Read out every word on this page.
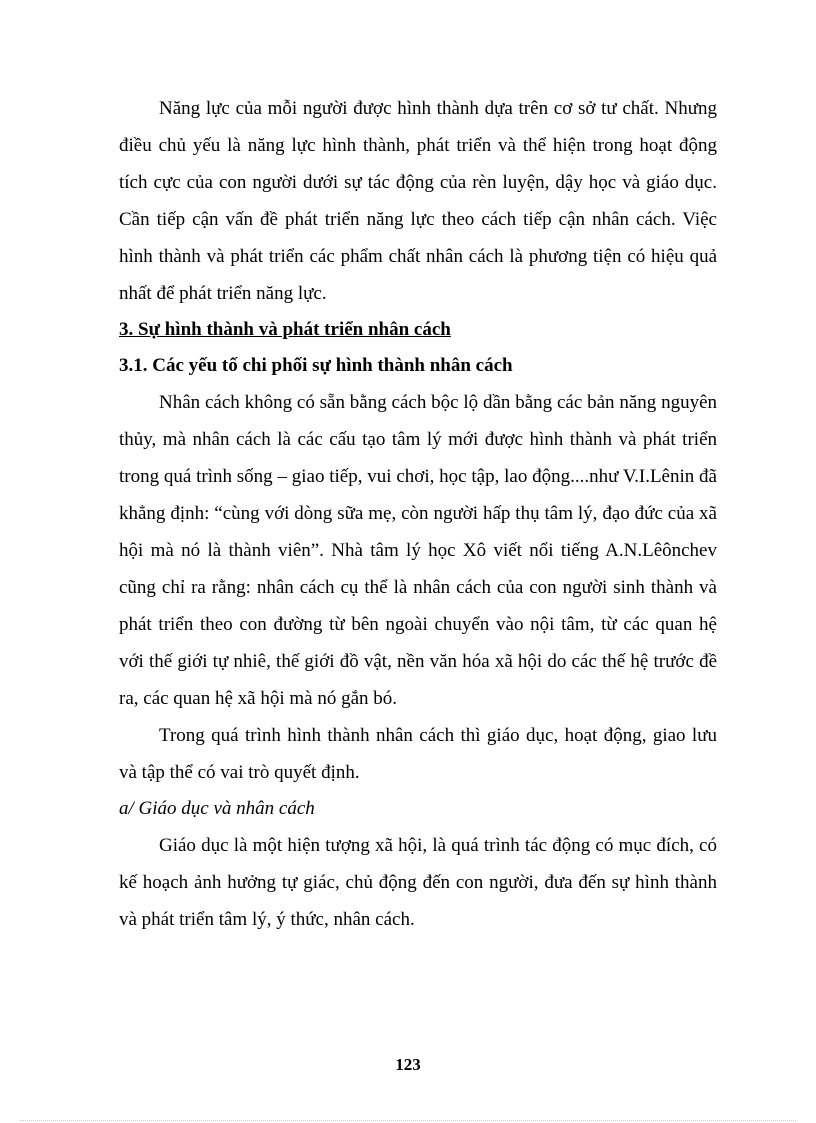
Năng lực của mỗi người được hình thành dựa trên cơ sở tư chất. Nhưng điều chủ yếu là năng lực hình thành, phát triển và thể hiện trong hoạt động tích cực của con người dưới sự tác động của rèn luyện, dậy học và giáo dục. Cần tiếp cận vấn đề phát triển năng lực theo cách tiếp cận nhân cách. Việc hình thành và phát triển các phẩm chất nhân cách là phương tiện có hiệu quả nhất để phát triển năng lực.

3. Sự hình thành và phát triển nhân cách

3.1. Các yếu tố chi phối sự hình thành nhân cách

Nhân cách không có sẵn bằng cách bộc lộ dần bằng các bản năng nguyên thủy, mà nhân cách là các cấu tạo tâm lý mới được hình thành và phát triển trong quá trình sống – giao tiếp, vui chơi, học tập, lao động....như V.I.Lênin đã khẳng định: “cùng với dòng sữa mẹ, còn người hấp thụ tâm lý, đạo đức của xã hội mà nó là thành viên”. Nhà tâm lý học Xô viết nổi tiếng A.N.Lêônchev cũng chỉ ra rằng: nhân cách cụ thể là nhân cách của con người sinh thành và phát triển theo con đường từ bên ngoài chuyển vào nội tâm, từ các quan hệ với thế giới tự nhiê, thế giới đồ vật, nền văn hóa xã hội do các thế hệ trước đề ra, các quan hệ xã hội mà nó gắn bó.

Trong quá trình hình thành nhân cách thì giáo dục, hoạt động, giao lưu và tập thể có vai trò quyết định.

a/ Giáo dục và nhân cách

Giáo dục là một hiện tượng xã hội, là quá trình tác động có mục đích, có kế hoạch ảnh hưởng tự giác, chủ động đến con người, đưa đến sự hình thành và phát triển tâm lý, ý thức, nhân cách.

123
